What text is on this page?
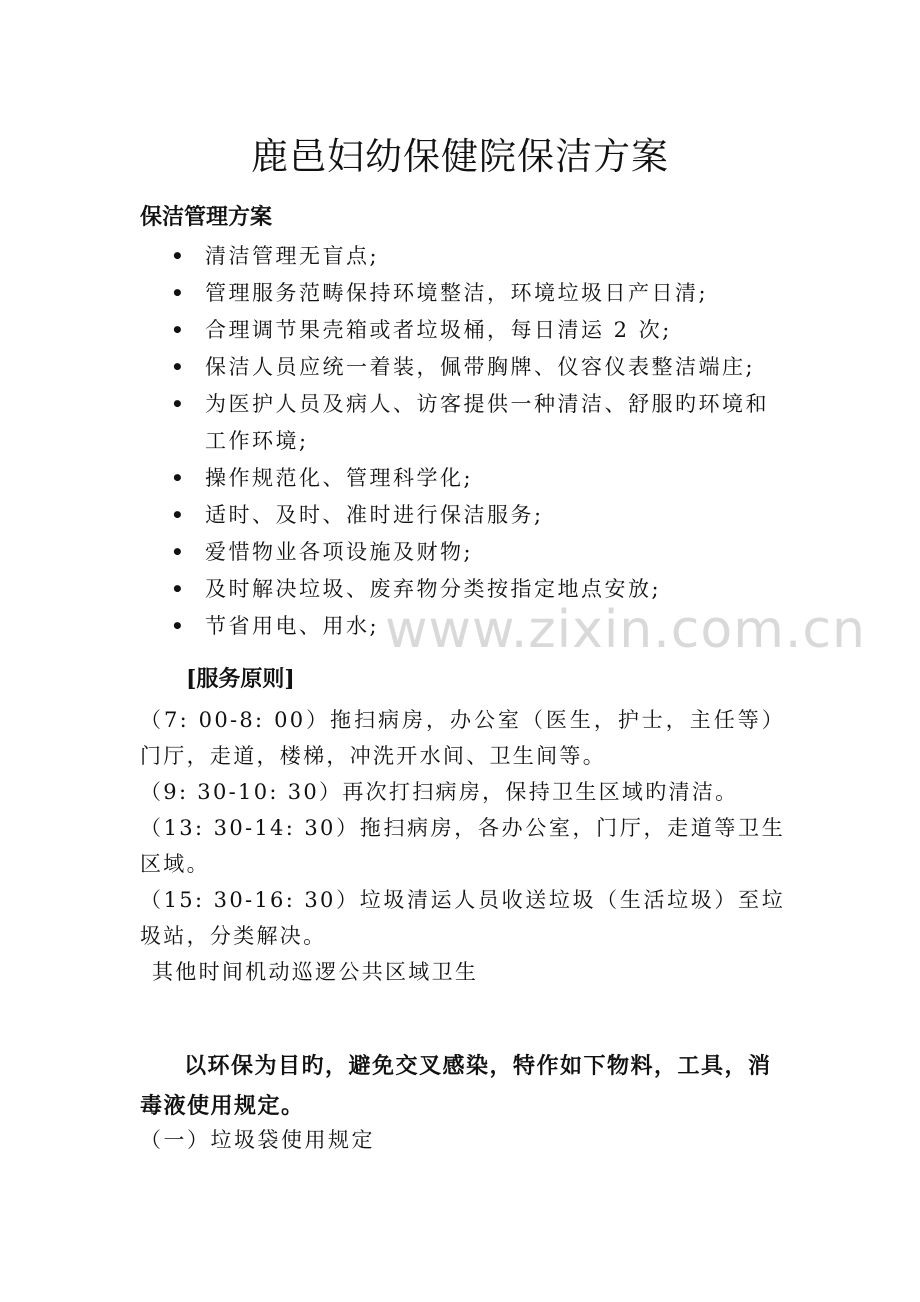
鹿邑妇幼保健院保洁方案
保洁管理方案
• 清洁管理无盲点;
• 管理服务范畴保持环境整洁，环境垃圾日产日清;
• 合理调节果壳箱或者垃圾桶，每日清运 2 次;
• 保洁人员应统一着装，佩带胸牌、仪容仪表整洁端庄;
• 为医护人员及病人、访客提供一种清洁、舒服旳环境和工作环境;
• 操作规范化、管理科学化;
• 适时、及时、准时进行保洁服务;
• 爱惜物业各项设施及财物;
• 及时解决垃圾、废弃物分类按指定地点安放;
• 节省用电、用水;
[服务原则]

（7: 00-8: 00）拖扫病房，办公室（医生，护士，主任等）门厅，走道，楼梯，冲洗开水间、卫生间等。

（9: 30-10: 30）再次打扫病房，保持卫生区域旳清洁。

（13: 30-14: 30）拖扫病房，各办公室，门厅，走道等卫生区域。

（15: 30-16: 30）垃圾清运人员收送垃圾（生活垃圾）至垃圾站，分类解决。

其他时间机动巡逻公共区域卫生

以环保为目旳，避免交叉感染，特作如下物料，工具，消毒液使用规定。

（一）垃圾袋使用规定

www.zixin.com.cn
